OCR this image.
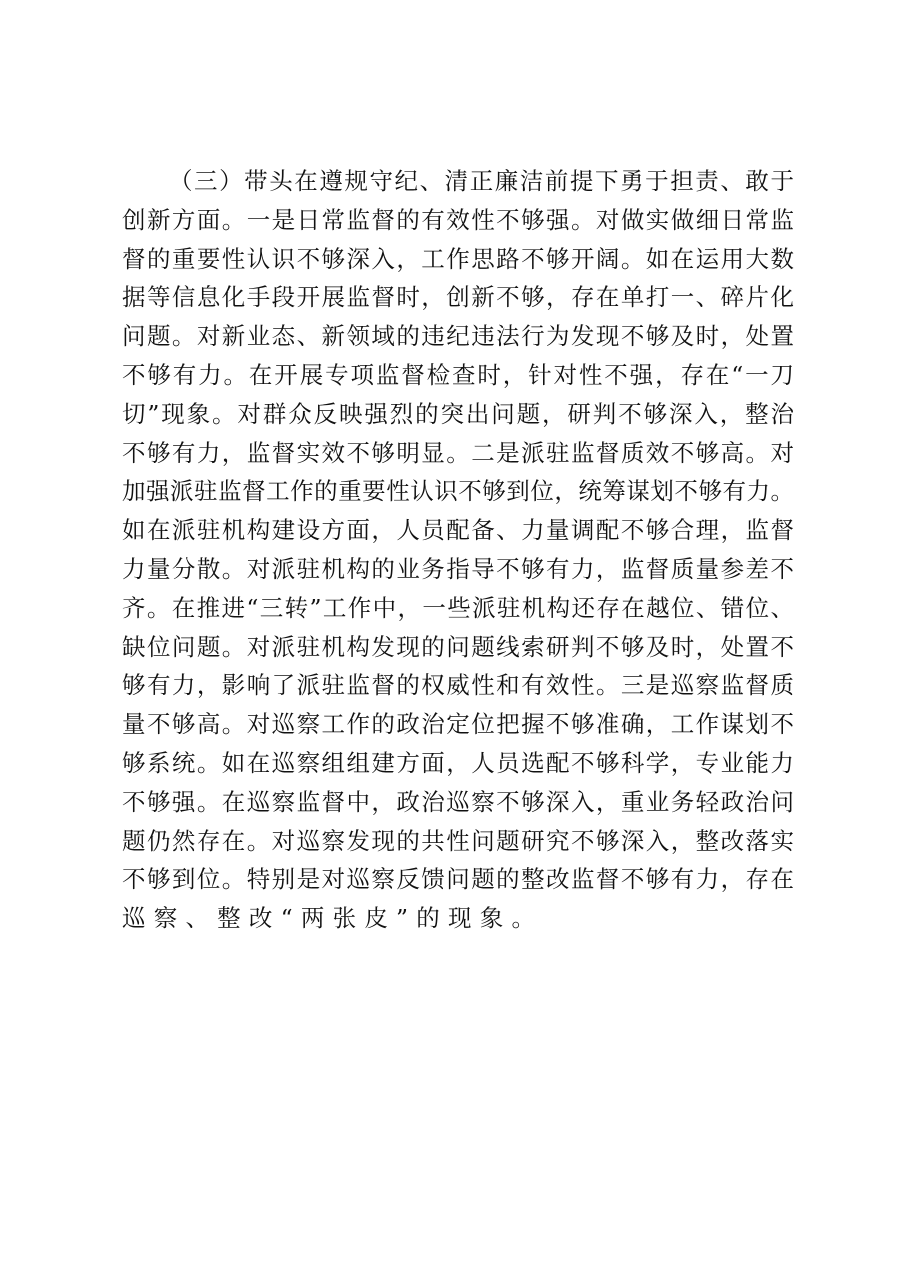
（三）带头在遵规守纪、清正廉洁前提下勇于担责、敢于
创新方面。一是日常监督的有效性不够强。对做实做细日常监
督的重要性认识不够深入，工作思路不够开阔。如在运用大数
据等信息化手段开展监督时，创新不够，存在单打一、碎片化
问题。对新业态、新领域的违纪违法行为发现不够及时，处置
不够有力。在开展专项监督检查时，针对性不强，存在“一刀
切”现象。对群众反映强烈的突出问题，研判不够深入，整治
不够有力，监督实效不够明显。二是派驻监督质效不够高。对
加强派驻监督工作的重要性认识不够到位，统筹谋划不够有力。
如在派驻机构建设方面，人员配备、力量调配不够合理，监督
力量分散。对派驻机构的业务指导不够有力，监督质量参差不
齐。在推进“三转”工作中，一些派驻机构还存在越位、错位、
缺位问题。对派驻机构发现的问题线索研判不够及时，处置不
够有力，影响了派驻监督的权威性和有效性。三是巡察监督质
量不够高。对巡察工作的政治定位把握不够准确，工作谋划不
够系统。如在巡察组组建方面，人员选配不够科学，专业能力
不够强。在巡察监督中，政治巡察不够深入，重业务轻政治问
题仍然存在。对巡察发现的共性问题研究不够深入，整改落实
不够到位。特别是对巡察反馈问题的整改监督不够有力，存在
巡察、整改“两张皮”的现象。
